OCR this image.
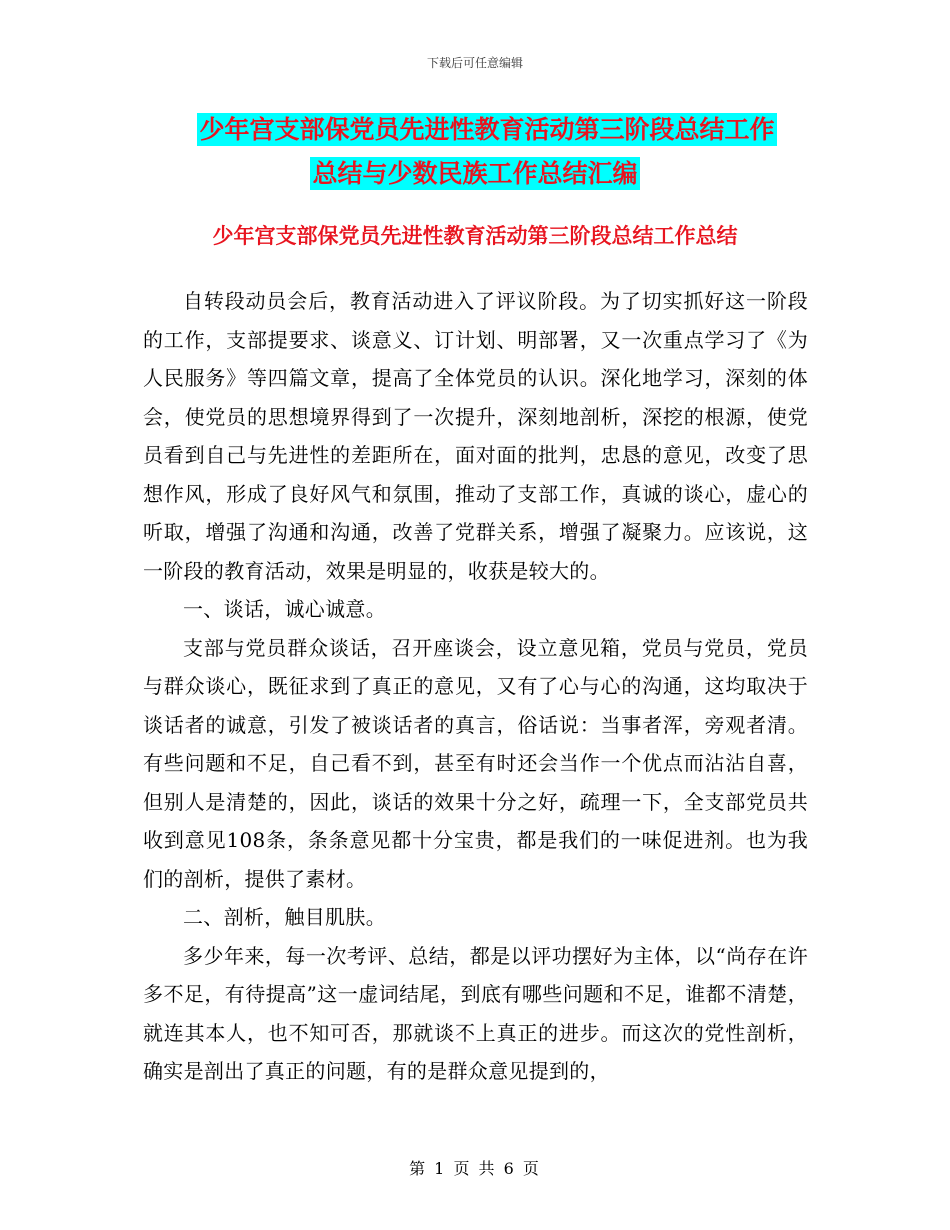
下载后可任意编辑
少年宫支部保党员先进性教育活动第三阶段总结工作
总结与少数民族工作总结汇编
少年宫支部保党员先进性教育活动第三阶段总结工作总结

自转段动员会后，教育活动进入了评议阶段。为了切实抓好这一阶段的工作，支部提要求、谈意义、订计划、明部署，又一次重点学习了《为人民服务》等四篇文章，提高了全体党员的认识。深化地学习，深刻的体会，使党员的思想境界得到了一次提升，深刻地剖析，深挖的根源，使党员看到自己与先进性的差距所在，面对面的批判，忠恳的意见，改变了思想作风，形成了良好风气和氛围，推动了支部工作，真诚的谈心，虚心的听取，增强了沟通和沟通，改善了党群关系，增强了凝聚力。应该说，这一阶段的教育活动，效果是明显的，收获是较大的。

一、谈话，诚心诚意。

支部与党员群众谈话，召开座谈会，设立意见箱，党员与党员，党员与群众谈心，既征求到了真正的意见，又有了心与心的沟通，这均取决于谈话者的诚意，引发了被谈话者的真言，俗话说：当事者浑，旁观者清。有些问题和不足，自己看不到，甚至有时还会当作一个优点而沾沾自喜，但别人是清楚的，因此，谈话的效果十分之好，疏理一下，全支部党员共收到意见108条，条条意见都十分宝贵，都是我们的一味促进剂。也为我们的剖析，提供了素材。

二、剖析，触目肌肤。

多少年来，每一次考评、总结，都是以评功摆好为主体，以“尚存在许多不足，有待提高”这一虚词结尾，到底有哪些问题和不足，谁都不清楚，就连其本人，也不知可否，那就谈不上真正的进步。而这次的党性剖析，确实是剖出了真正的问题，有的是群众意见提到的，

第 1 页 共 6 页
